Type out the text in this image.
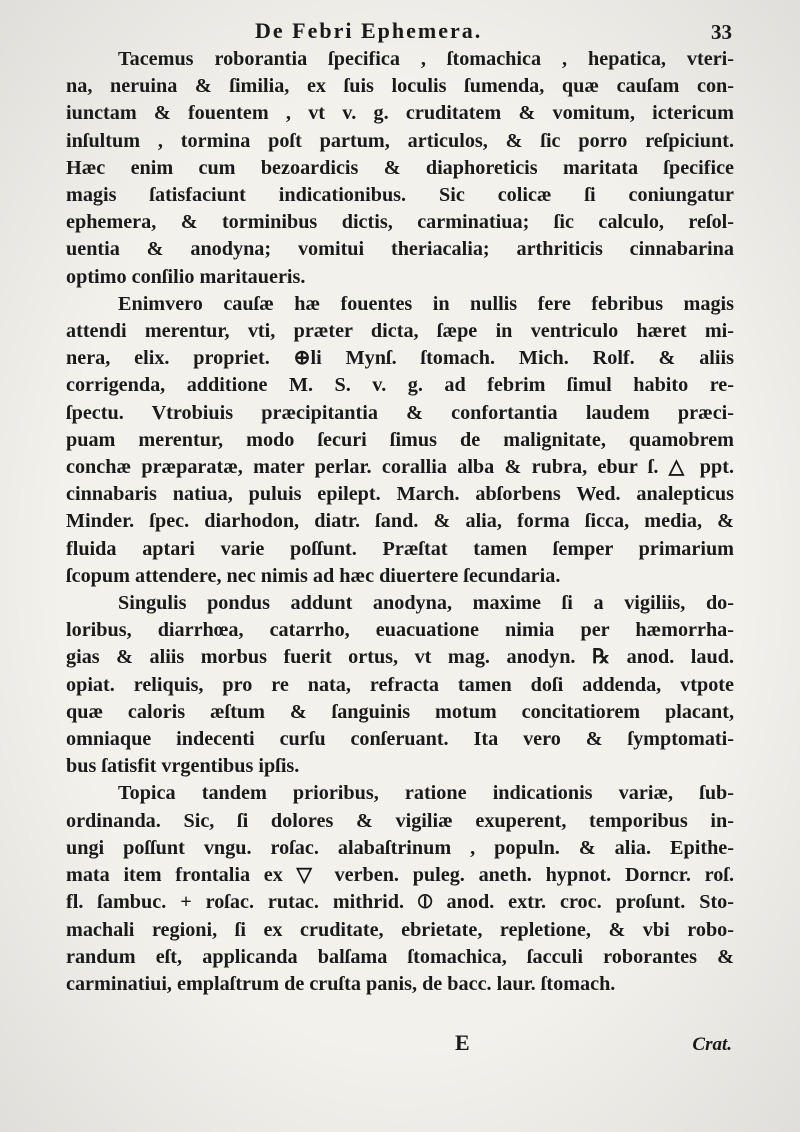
De Febri Ephemera.	33
Tacemus roborantia ſpecifica , ſtomachica , hepatica, vteri-
na, neruina & ſimilia, ex ſuis loculis ſumenda, quæ cauſam con-
iunctam & fouentem , vt v. g. cruditatem & vomitum, ictericum
inſultum , tormina poſt partum, articulos, & ſic porro reſpiciunt.
Hæc enim cum bezoardicis & diaphoreticis maritata ſpecifice
magis ſatisfaciunt indicationibus. Sic colicæ ſi coniungatur
ephemera, & torminibus dictis, carminatiua; ſic calculo, reſol-
uentia & anodyna; vomitui theriacalia; arthriticis cinnabarina
optimo conſilio maritaueris.
Enimvero cauſæ hæ fouentes in nullis fere febribus magis
attendi merentur, vti, præter dicta, ſæpe in ventriculo hæret mi-
nera, elix. propriet. ⊕li Mynſ. ſtomach. Mich. Rolf. & aliis
corrigenda, additione M. S. v. g. ad febrim ſimul habito re-
ſpectu. Vtrobiuis præcipitantia & confortantia laudem præci-
puam merentur, modo ſecuri ſimus de malignitate, quamobrem
conchæ præparatæ, mater perlar. corallia alba & rubra, ebur ſ. △ ppt.
cinnabaris natiua, puluis epilept. March. abſorbens Wed. analepticus
Minder. ſpec. diarhodon, diatr. ſand. & alia, forma ſicca, media, &
fluida aptari varie poſſunt. Præſtat tamen ſemper primarium
ſcopum attendere, nec nimis ad hæc diuertere ſecundaria.
Singulis pondus addunt anodyna, maxime ſi a vigiliis, do-
loribus, diarrhœa, catarrho, euacuatione nimia per hæmorrha-
gias & aliis morbus fuerit ortus, vt mag. anodyn. ℞ anod. laud.
opiat. reliquis, pro re nata, refracta tamen doſi addenda, vtpote
quæ caloris æſtum & ſanguinis motum concitatiorem placant,
omniaque indecenti curſu conſeruant. Ita vero & ſymptomati-
bus ſatisfit vrgentibus ipſis.
Topica tandem prioribus, ratione indicationis variæ, ſub-
ordinanda. Sic, ſi dolores & vigiliæ exuperent, temporibus in-
ungi poſſunt vngu. roſac. alabaſtrinum , populn. & alia. Epithe-
mata item frontalia ex ▽ verben. puleg. aneth. hypnot. Dorncr. roſ.
fl. ſambuc. + roſac. rutac. mithrid. ⦶ anod. extr. croc. proſunt. Sto-
machali regioni, ſi ex cruditate, ebrietate, repletione, & vbi robo-
randum eſt, applicanda balſama ſtomachica, ſacculi roborantes &
carminatiui, emplaſtrum de cruſta panis, de bacc. laur. ſtomach.
E	Crat.
